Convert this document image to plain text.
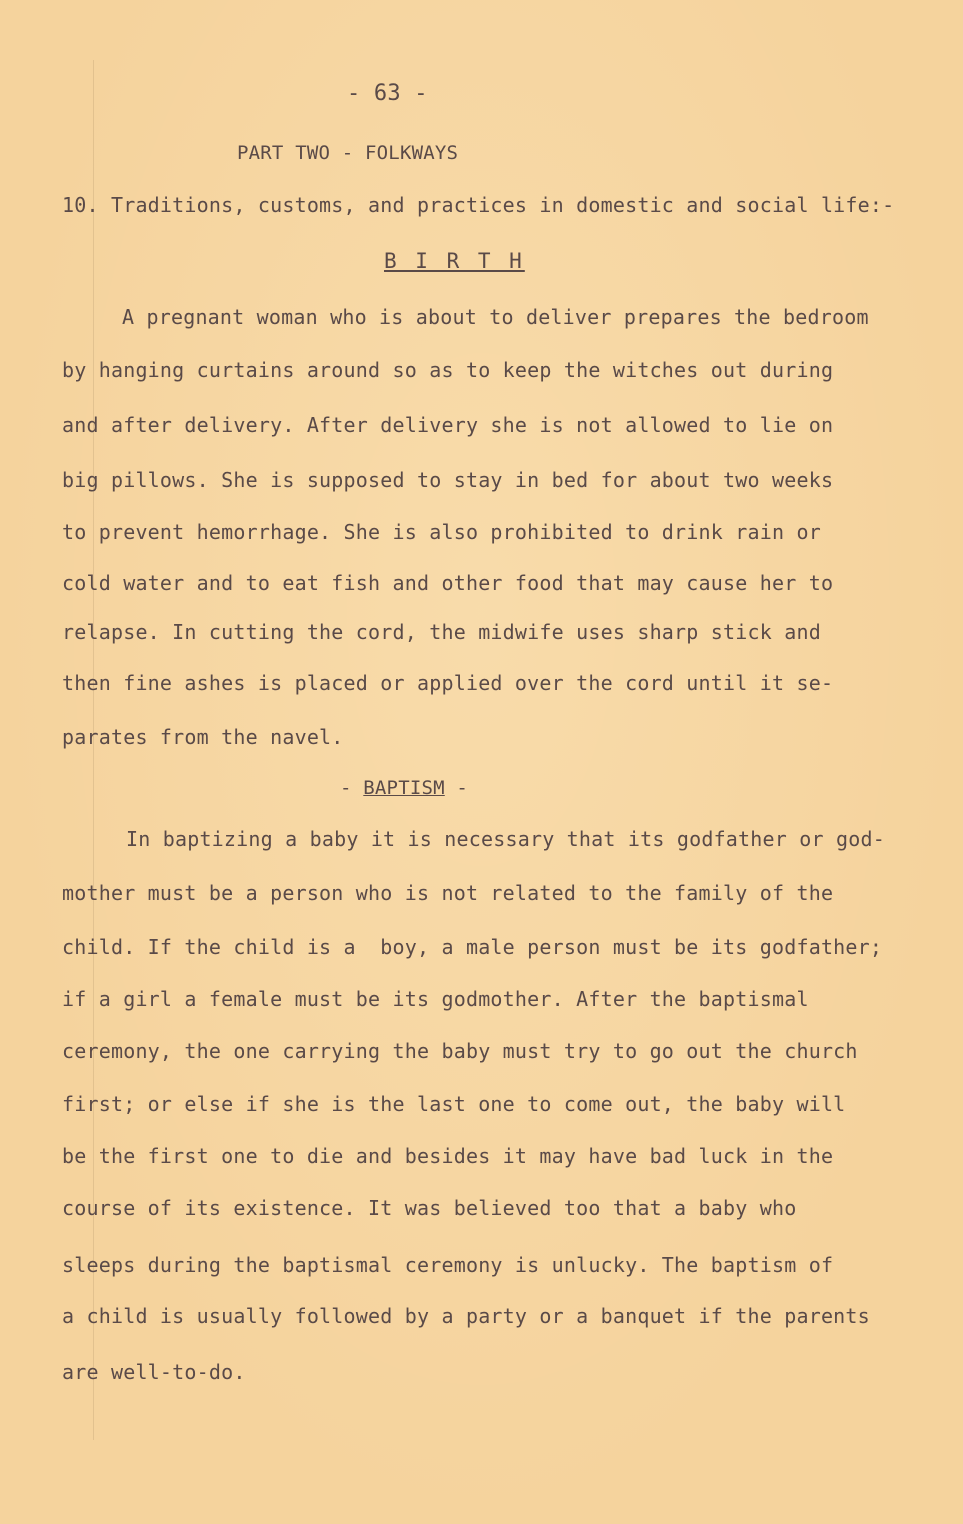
- 63 -
PART TWO - FOLKWAYS
10. Traditions, customs, and practices in domestic and social life:-
B I R T H
A pregnant woman who is about to deliver prepares the bedroom
by hanging curtains around so as to keep the witches out during
and after delivery. After delivery she is not allowed to lie on
big pillows. She is supposed to stay in bed for about two weeks
to prevent hemorrhage. She is also prohibited to drink rain or
cold water and to eat fish and other food that may cause her to
relapse. In cutting the cord, the midwife uses sharp stick and
then fine ashes is placed or applied over the cord until it se-
parates from the navel.
- BAPTISM -
In baptizing a baby it is necessary that its godfather or god-
mother must be a person who is not related to the family of the
child. If the child is a  boy, a male person must be its godfather;
if a girl a female must be its godmother. After the baptismal
ceremony, the one carrying the baby must try to go out the church
first; or else if she is the last one to come out, the baby will
be the first one to die and besides it may have bad luck in the
course of its existence. It was believed too that a baby who
sleeps during the baptismal ceremony is unlucky. The baptism of
a child is usually followed by a party or a banquet if the parents
are well-to-do.
